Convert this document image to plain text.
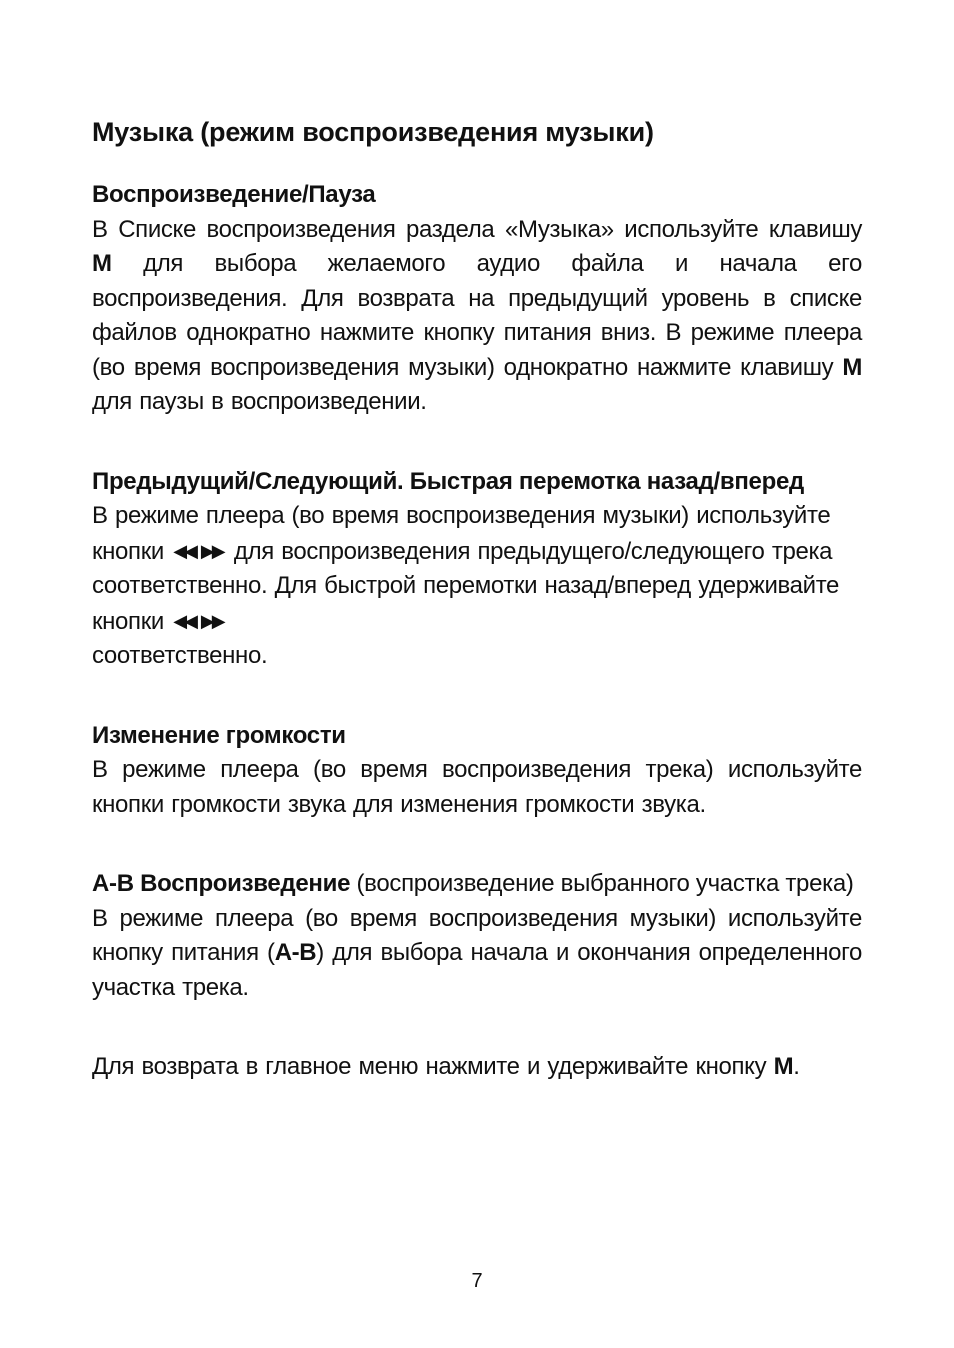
Музыка (режим воспроизведения музыки)
Воспроизведение/Пауза

В Списке воспроизведения раздела «Музыка» используйте клавишу M для выбора желаемого аудио файла и начала его воспроизведения. Для возврата на предыдущий уровень в списке файлов однократно нажмите кнопку питания вниз. В режиме плеера (во время воспроизведения музыки) однократно нажмите клавишу M для паузы в воспроизведении.

Предыдущий/Следующий. Быстрая перемотка назад/вперед

В режиме плеера (во время воспроизведения музыки) используйте кнопки ◀◀ ▶▶ для воспроизведения предыдущего/следующего трека соответственно. Для быстрой перемотки назад/вперед удерживайте кнопки ◀◀ ▶▶
соответственно.

Изменение громкости

В режиме плеера (во время воспроизведения трека) используйте кнопки громкости звука для изменения громкости звука.

A-B Воспроизведение (воспроизведение выбранного участка трека)

В режиме плеера (во время воспроизведения музыки) используйте кнопку питания (A-B) для выбора начала и окончания определенного участка трека.

Для возврата в главное меню нажмите и удерживайте кнопку M.

7
